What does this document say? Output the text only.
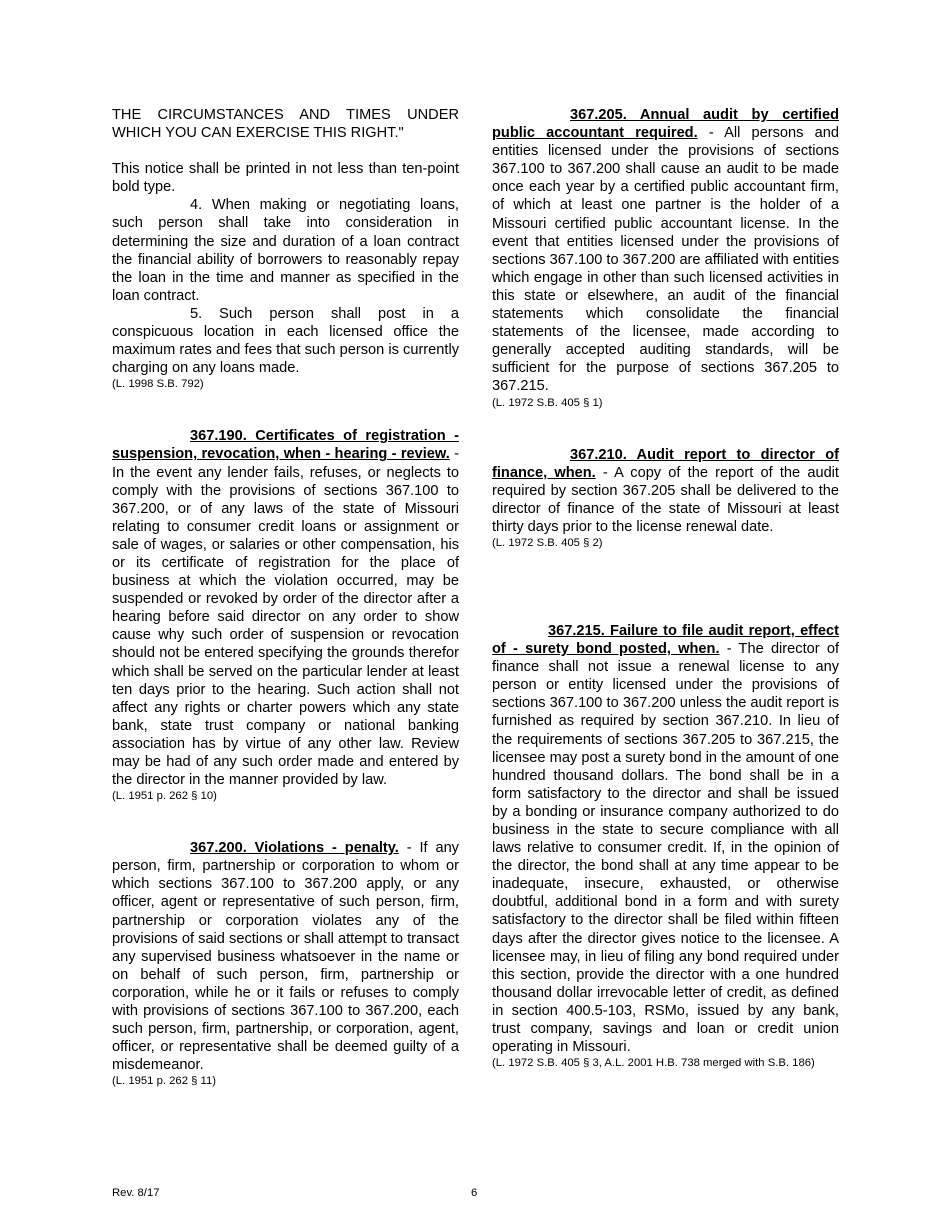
THE CIRCUMSTANCES AND TIMES UNDER WHICH YOU CAN EXERCISE THIS RIGHT."

This notice shall be printed in not less than ten-point bold type.

4. When making or negotiating loans, such person shall take into consideration in determining the size and duration of a loan contract the financial ability of borrowers to reasonably repay the loan in the time and manner as specified in the loan contract.

5. Such person shall post in a conspicuous location in each licensed office the maximum rates and fees that such person is currently charging on any loans made.

(L. 1998 S.B. 792)

367.190. Certificates of registration - suspension, revocation, when - hearing - review. - In the event any lender fails, refuses, or neglects to comply with the provisions of sections 367.100 to 367.200, or of any laws of the state of Missouri relating to consumer credit loans or assignment or sale of wages, or salaries or other compensation, his or its certificate of registration for the place of business at which the violation occurred, may be suspended or revoked by order of the director after a hearing before said director on any order to show cause why such order of suspension or revocation should not be entered specifying the grounds therefor which shall be served on the particular lender at least ten days prior to the hearing. Such action shall not affect any rights or charter powers which any state bank, state trust company or national banking association has by virtue of any other law. Review may be had of any such order made and entered by the director in the manner provided by law.

(L. 1951 p. 262 § 10)

367.200. Violations - penalty. - If any person, firm, partnership or corporation to whom or which sections 367.100 to 367.200 apply, or any officer, agent or representative of such person, firm, partnership or corporation violates any of the provisions of said sections or shall attempt to transact any supervised business whatsoever in the name or on behalf of such person, firm, partnership or corporation, while he or it fails or refuses to comply with provisions of sections 367.100 to 367.200, each such person, firm, partnership, or corporation, agent, officer, or representative shall be deemed guilty of a misdemeanor.

(L. 1951 p. 262 § 11)

367.205. Annual audit by certified public accountant required. - All persons and entities licensed under the provisions of sections 367.100 to 367.200 shall cause an audit to be made once each year by a certified public accountant firm, of which at least one partner is the holder of a Missouri certified public accountant license. In the event that entities licensed under the provisions of sections 367.100 to 367.200 are affiliated with entities which engage in other than such licensed activities in this state or elsewhere, an audit of the financial statements which consolidate the financial statements of the licensee, made according to generally accepted auditing standards, will be sufficient for the purpose of sections 367.205 to 367.215.

(L. 1972 S.B. 405 § 1)

367.210. Audit report to director of finance, when. - A copy of the report of the audit required by section 367.205 shall be delivered to the director of finance of the state of Missouri at least thirty days prior to the license renewal date.

(L. 1972 S.B. 405 § 2)

367.215. Failure to file audit report, effect of - surety bond posted, when. - The director of finance shall not issue a renewal license to any person or entity licensed under the provisions of sections 367.100 to 367.200 unless the audit report is furnished as required by section 367.210. In lieu of the requirements of sections 367.205 to 367.215, the licensee may post a surety bond in the amount of one hundred thousand dollars. The bond shall be in a form satisfactory to the director and shall be issued by a bonding or insurance company authorized to do business in the state to secure compliance with all laws relative to consumer credit. If, in the opinion of the director, the bond shall at any time appear to be inadequate, insecure, exhausted, or otherwise doubtful, additional bond in a form and with surety satisfactory to the director shall be filed within fifteen days after the director gives notice to the licensee. A licensee may, in lieu of filing any bond required under this section, provide the director with a one hundred thousand dollar irrevocable letter of credit, as defined in section 400.5-103, RSMo, issued by any bank, trust company, savings and loan or credit union operating in Missouri.

(L. 1972 S.B. 405 § 3, A.L. 2001 H.B. 738 merged with S.B. 186)

Rev. 8/17	6
